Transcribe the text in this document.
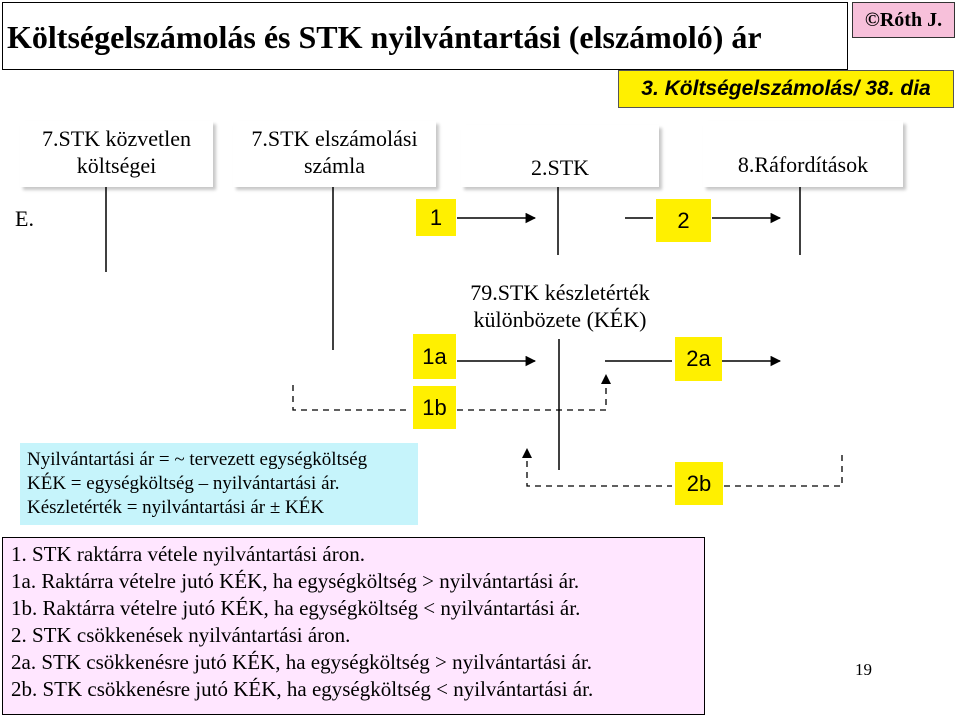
Költségelszámolás és STK nyilvántartási (elszámoló) ár	©Róth J.
3. Költségelszámolás/ 38. dia
7.STK közvetlen költségei
7.STK elszámolási számla	2.STK	8.Ráfordítások
E.
79.STK készletérték különbözete (KÉK)
1	2
1a
1b
2a
2b
Nyilvántartási ár = ~ tervezett egységköltség
KÉK = egységköltség – nyilvántartási ár.
Készletérték = nyilvántartási ár ± KÉK
1. STK raktárra vétele nyilvántartási áron.
1a. Raktárra vételre jutó KÉK, ha egységköltség > nyilvántartási ár.
1b. Raktárra vételre jutó KÉK, ha egységköltség < nyilvántartási ár.
2. STK csökkenések nyilvántartási áron.
2a. STK csökkenésre jutó KÉK, ha egységköltség > nyilvántartási ár.
2b. STK csökkenésre jutó KÉK, ha egységköltség < nyilvántartási ár.
19
